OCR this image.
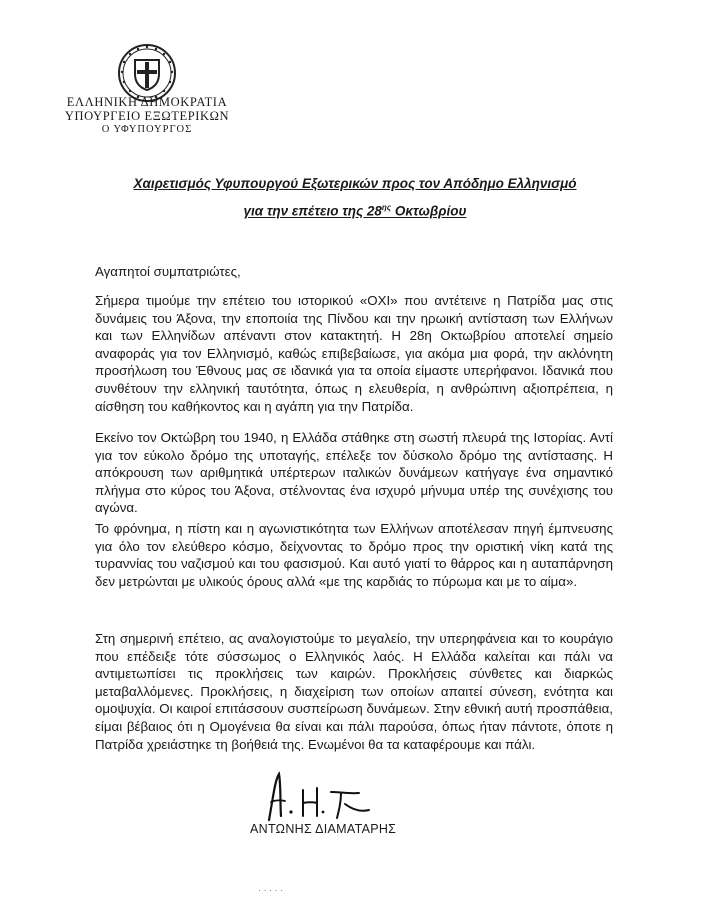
ΕΛΛΗΝΙΚΗ ΔΗΜΟΚΡΑΤΙΑ
ΥΠΟΥΡΓΕΙΟ ΕΞΩΤΕΡΙΚΩΝ
Ο ΥΦΥΠΟΥΡΓΟΣ
Χαιρετισμός Υφυπουργού Εξωτερικών προς τον Απόδημο Ελληνισμό
για την επέτειο της $28^{\eta\varsigma}$ Οκτωβρίου
Αγαπητοί συμπατριώτες,

Σήμερα τιμούμε την επέτειο του ιστορικού «ΟΧΙ» που αντέτεινε η Πατρίδα μας στις δυνάμεις του Άξονα, την εποποιία της Πίνδου και την ηρωική αντίσταση των Ελλήνων και των Ελληνίδων απέναντι στον κατακτητή. Η 28η Οκτωβρίου αποτελεί σημείο αναφοράς για τον Ελληνισμό, καθώς επιβεβαίωσε, για ακόμα μια φορά, την ακλόνητη προσήλωση του Έθνους μας σε ιδανικά για τα οποία είμαστε υπερήφανοι. Ιδανικά που συνθέτουν την ελληνική ταυτότητα, όπως η ελευθερία, η ανθρώπινη αξιοπρέπεια, η αίσθηση του καθήκοντος και η αγάπη για την Πατρίδα.

Εκείνο τον Οκτώβρη του 1940, η Ελλάδα στάθηκε στη σωστή πλευρά της Ιστορίας. Αντί για τον εύκολο δρόμο της υποταγής, επέλεξε τον δύσκολο δρόμο της αντίστασης. Η απόκρουση των αριθμητικά υπέρτερων ιταλικών δυνάμεων κατήγαγε ένα σημαντικό πλήγμα στο κύρος του Άξονα, στέλνοντας ένα ισχυρό μήνυμα υπέρ της συνέχισης του αγώνα.

Το φρόνημα, η πίστη και η αγωνιστικότητα των Ελλήνων αποτέλεσαν πηγή έμπνευσης για όλο τον ελεύθερο κόσμο, δείχνοντας το δρόμο προς την οριστική νίκη κατά της τυραννίας του ναζισμού και του φασισμού. Και αυτό γιατί το θάρρος και η αυταπάρνηση δεν μετρώνται με υλικούς όρους αλλά «με της καρδιάς το πύρωμα και με το αίμα».

Στη σημερινή επέτειο, ας αναλογιστούμε το μεγαλείο, την υπερηφάνεια και το κουράγιο που επέδειξε τότε σύσσωμος ο Ελληνικός λαός. Η Ελλάδα καλείται και πάλι να αντιμετωπίσει τις προκλήσεις των καιρών. Προκλήσεις σύνθετες και διαρκώς μεταβαλλόμενες. Προκλήσεις, η διαχείριση των οποίων απαιτεί σύνεση, ενότητα και ομοψυχία. Οι καιροί επιτάσσουν συσπείρωση δυνάμεων. Στην εθνική αυτή προσπάθεια, είμαι βέβαιος ότι η Ομογένεια θα είναι και πάλι παρούσα, όπως ήταν πάντοτε, όποτε η Πατρίδα χρειάστηκε τη βοήθειά της. Ενωμένοι θα τα καταφέρουμε και πάλι.

ΑΝΤΩΝΗΣ ΔΙΑΜΑΤΑΡΗΣ
· · · · ·
